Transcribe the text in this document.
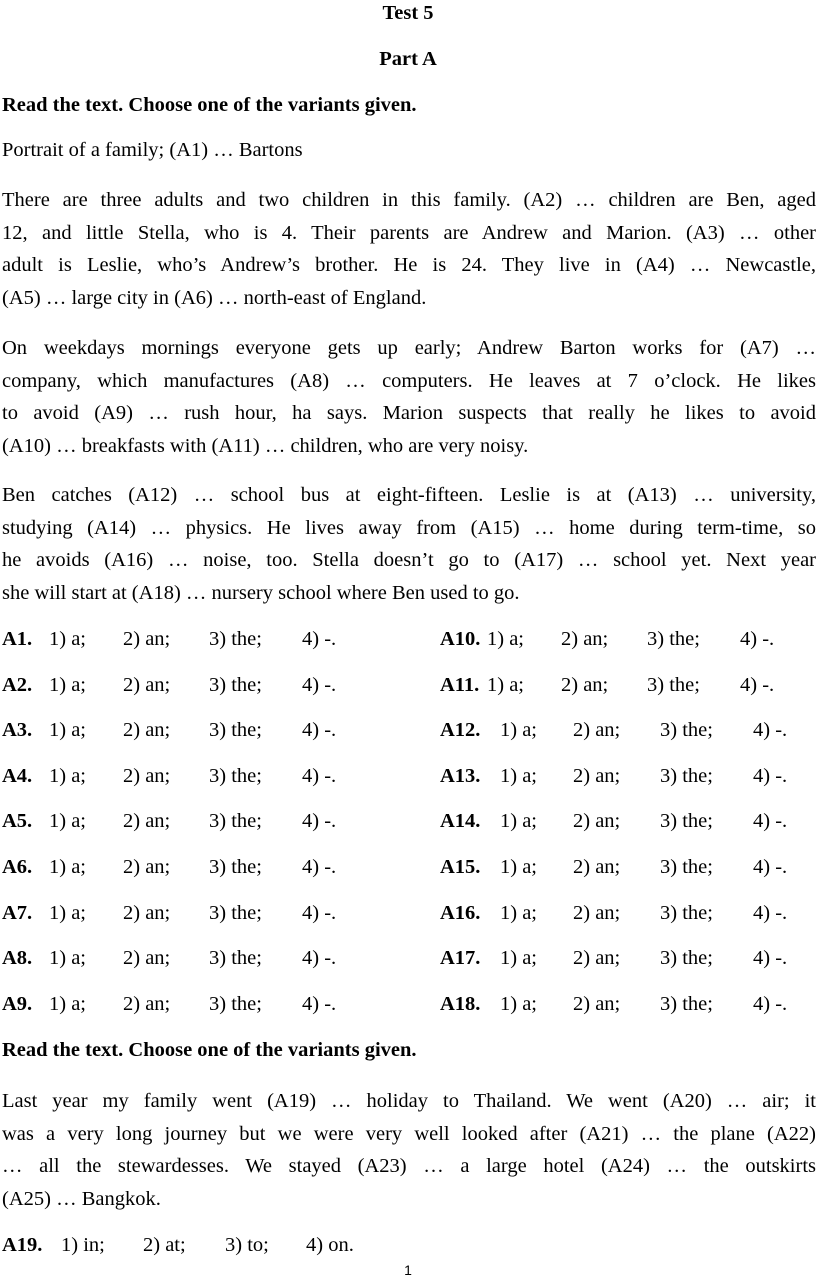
Test 5
Part A
Read the text. Choose one of the variants given.
Portrait of a family; (A1) … Bartons
There are three adults and two children in this family. (A2) … children are Ben, aged
12, and little Stella, who is 4. Their parents are Andrew and Marion. (A3) … other
adult is Leslie, who’s Andrew’s brother. He is 24. They live in (A4) … Newcastle,
(A5) … large city in (A6) … north-east of England.
On weekdays mornings everyone gets up early; Andrew Barton works for (A7) …
company, which manufactures (A8) … computers. He leaves at 7 o’clock. He likes
to avoid (A9) … rush hour, ha says. Marion suspects that really he likes to avoid
(A10) … breakfasts with (A11) … children, who are very noisy.
Ben catches (A12) … school bus at eight-fifteen. Leslie is at (A13) … university,
studying (A14) … physics. He lives away from (A15) … home during term-time, so
he avoids (A16) … noise, too. Stella doesn’t go to (A17) … school yet. Next year
she will start at (A18) … nursery school where Ben used to go.
A1. 1) a; 2) an; 3) the; 4) -.
A2. 1) a; 2) an; 3) the; 4) -.
A3. 1) a; 2) an; 3) the; 4) -.
A4. 1) a; 2) an; 3) the; 4) -.
A5. 1) a; 2) an; 3) the; 4) -.
A6. 1) a; 2) an; 3) the; 4) -.
A7. 1) a; 2) an; 3) the; 4) -.
A8. 1) a; 2) an; 3) the; 4) -.
A9. 1) a; 2) an; 3) the; 4) -.
A10. 1) a; 2) an; 3) the; 4) -.
A11. 1) a; 2) an; 3) the; 4) -.
A12. 1) a; 2) an; 3) the; 4) -.
A13. 1) a; 2) an; 3) the; 4) -.
A14. 1) a; 2) an; 3) the; 4) -.
A15. 1) a; 2) an; 3) the; 4) -.
A16. 1) a; 2) an; 3) the; 4) -.
A17. 1) a; 2) an; 3) the; 4) -.
A18. 1) a; 2) an; 3) the; 4) -.
Read the text. Choose one of the variants given.
Last year my family went (A19) … holiday to Thailand. We went (A20) … air; it
was a very long journey but we were very well looked after (A21) … the plane (A22)
… all the stewardesses. We stayed (A23) … a large hotel (A24) … the outskirts
(A25) … Bangkok.
A19. 1) in; 2) at; 3) to; 4) on.
1
